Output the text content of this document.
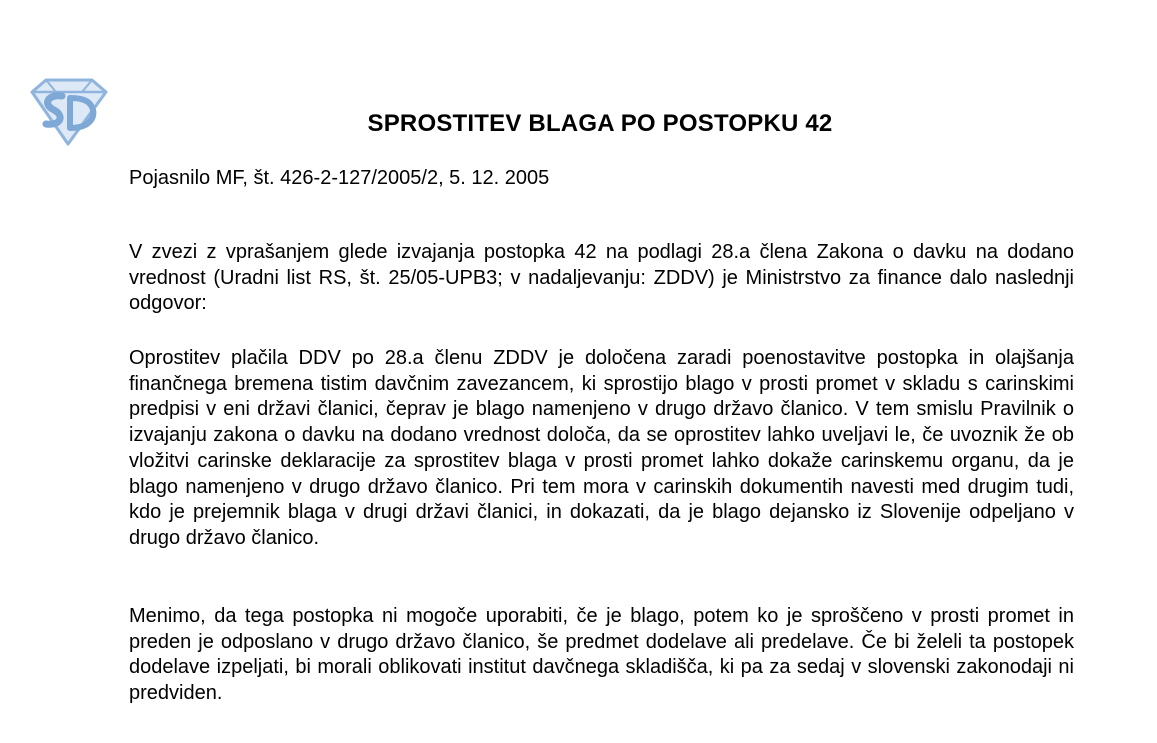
SPROSTITEV BLAGA PO POSTOPKU 42
Pojasnilo MF, št. 426-2-127/2005/2, 5. 12. 2005

V zvezi z vprašanjem glede izvajanja postopka 42 na podlagi 28.a člena Zakona o davku na dodano vrednost (Uradni list RS, št. 25/05-UPB3; v nadaljevanju: ZDDV) je Ministrstvo za finance dalo naslednji odgovor:

Oprostitev plačila DDV po 28.a členu ZDDV je določena zaradi poenostavitve postopka in olajšanja finančnega bremena tistim davčnim zavezancem, ki sprostijo blago v prosti promet v skladu s carinskimi predpisi v eni državi članici, čeprav je blago namenjeno v drugo državo članico. V tem smislu Pravilnik o izvajanju zakona o davku na dodano vrednost določa, da se oprostitev lahko uveljavi le, če uvoznik že ob vložitvi carinske deklaracije za sprostitev blaga v prosti promet lahko dokaže carinskemu organu, da je blago namenjeno v drugo državo članico. Pri tem mora v carinskih dokumentih navesti med drugim tudi, kdo je prejemnik blaga v drugi državi članici, in dokazati, da je blago dejansko iz Slovenije odpeljano v drugo državo članico.

Menimo, da tega postopka ni mogoče uporabiti, če je blago, potem ko je sproščeno v prosti promet in preden je odposlano v drugo državo članico, še predmet dodelave ali predelave. Če bi želeli ta postopek dodelave izpeljati, bi morali oblikovati institut davčnega skladišča, ki pa za sedaj v slovenski zakonodaji ni predviden.
